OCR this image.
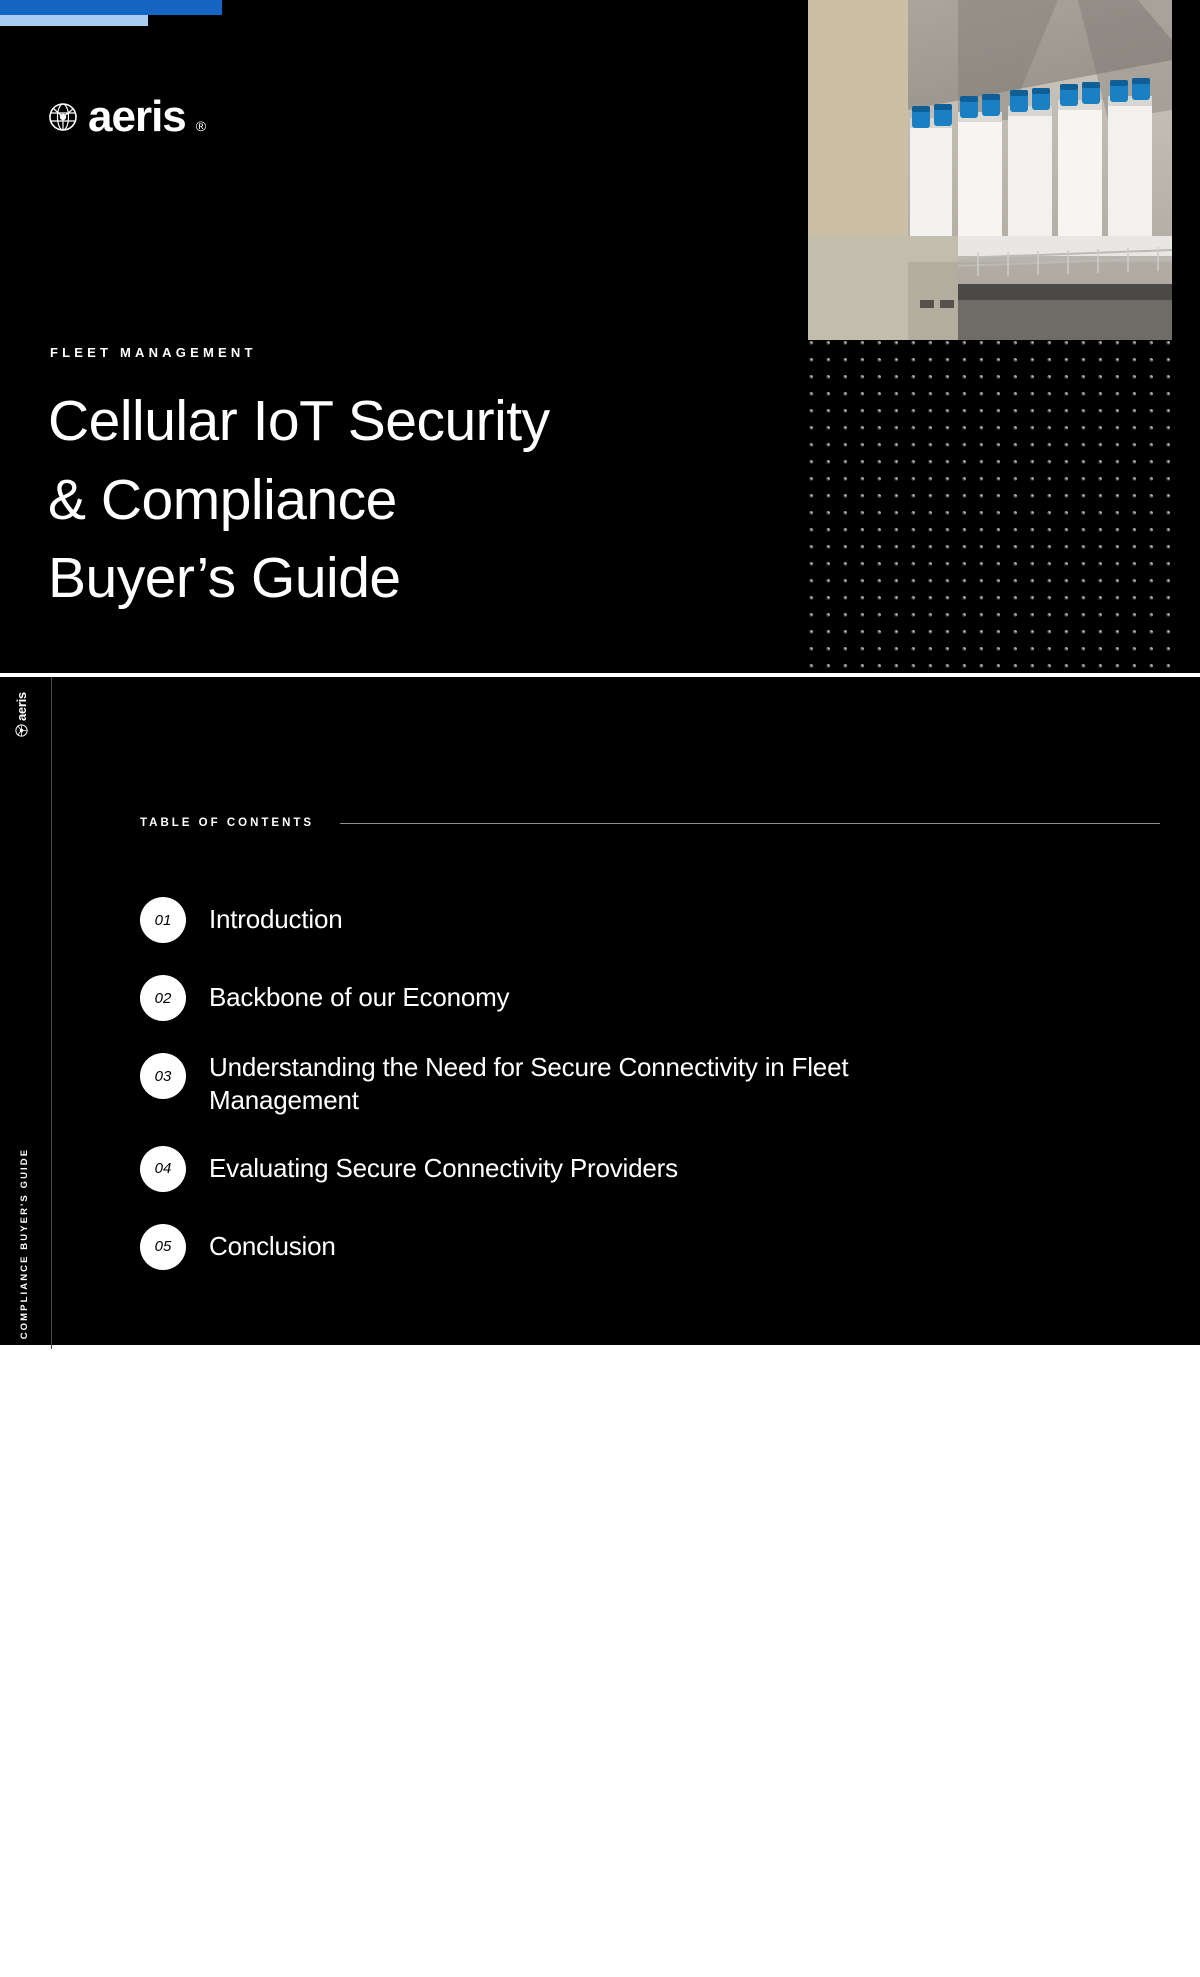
aeris ®
FLEET MANAGEMENT
Cellular IoT Security
& Compliance
Buyer’s Guide
aeris
CELLULAR IOT SECURITY & COMPLIANCE BUYER'S GUIDE
2
TABLE OF CONTENTS
01	Introduction
02	Backbone of our Economy
03	Understanding the Need for Secure Connectivity in Fleet Management
04	Evaluating Secure Connectivity Providers
05	Conclusion
